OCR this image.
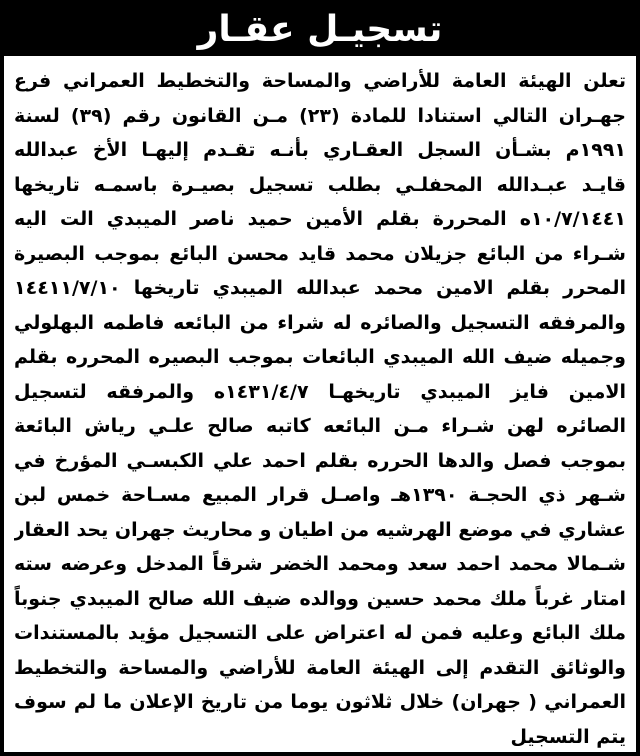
تسجيـل عقـار
تعلن الهيئة العامة للأراضي والمساحة والتخطيط العمراني فرع
جهـران التالي استنادا للمادة (٢٣) مـن القانون رقم (٣٩) لسنة
١٩٩١م بشـأن السجل العقـاري بأنـه تقـدم إليهـا الأخ عبدالله
قايـد عبـدالله المحفلـي بطلب تسجيل بصيـرة باسمـه تاريخها
١٠/٧/١٤٤١ه المحررة بقلم الأمين حميد ناصر الميبدي الت اليه
شـراء من البائع جزيلان محمد قايد محسن البائع بموجب البصيرة
المحرر بقلم الامين محمد عبدالله الميبدي تاريخها ١٤٤١١/٧/١٠
والمرفقه التسجيل والصائره له شراء من البائعه فاطمه البهلولي
وجميله ضيف الله الميبدي البائعات بموجب البصيره المحرره بقلم
الامين فايز الميبدي تاريخهـا ١٤٣١/٤/٧ه والمرفقه لتسجيل
الصائره لهن شـراء مـن البائعه كاتبه صالح علـي رياش البائعة
بموجب فصل والدها الحرره بقلم احمد علي الكبسـي المؤرخ في
شـهر ذي الحجـة ١٣٩٠هـ واصـل قرار المبيع مسـاحة خمس لبن
عشاري في موضع الهرشيه من اطيان و محاريث جهران يحد العقار
شـمالا محمد احمد سعد ومحمد الخضر شرقاً المدخل وعرضه سته
امتار غرباً ملك محمد حسين ووالده ضيف الله صالح الميبدي جنوباً
ملك البائع وعليه فمن له اعتراض على التسجيل مؤيد بالمستندات
والوثائق التقدم إلى الهيئة العامة للأراضي والمساحة والتخطيط
العمراني ( جهران) خلال ثلاثون يوما من تاريخ الإعلان ما لم سوف
يتم التسجيل
